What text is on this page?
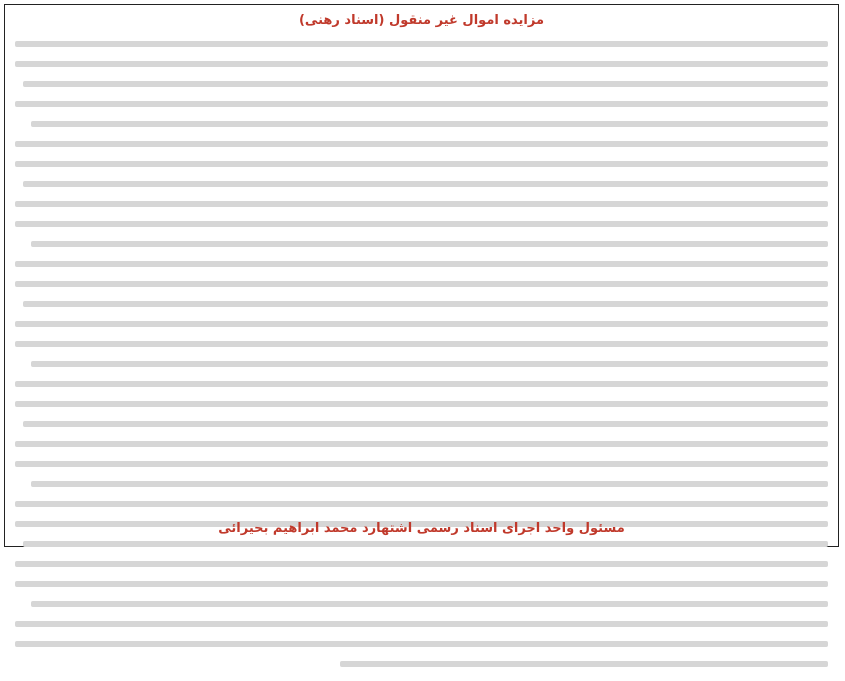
مزایده اموال غیر منقول (اسناد رهنی)
مسئول واحد اجرای اسناد رسمی اشتهارد محمد ابراهیم بحیرائی
